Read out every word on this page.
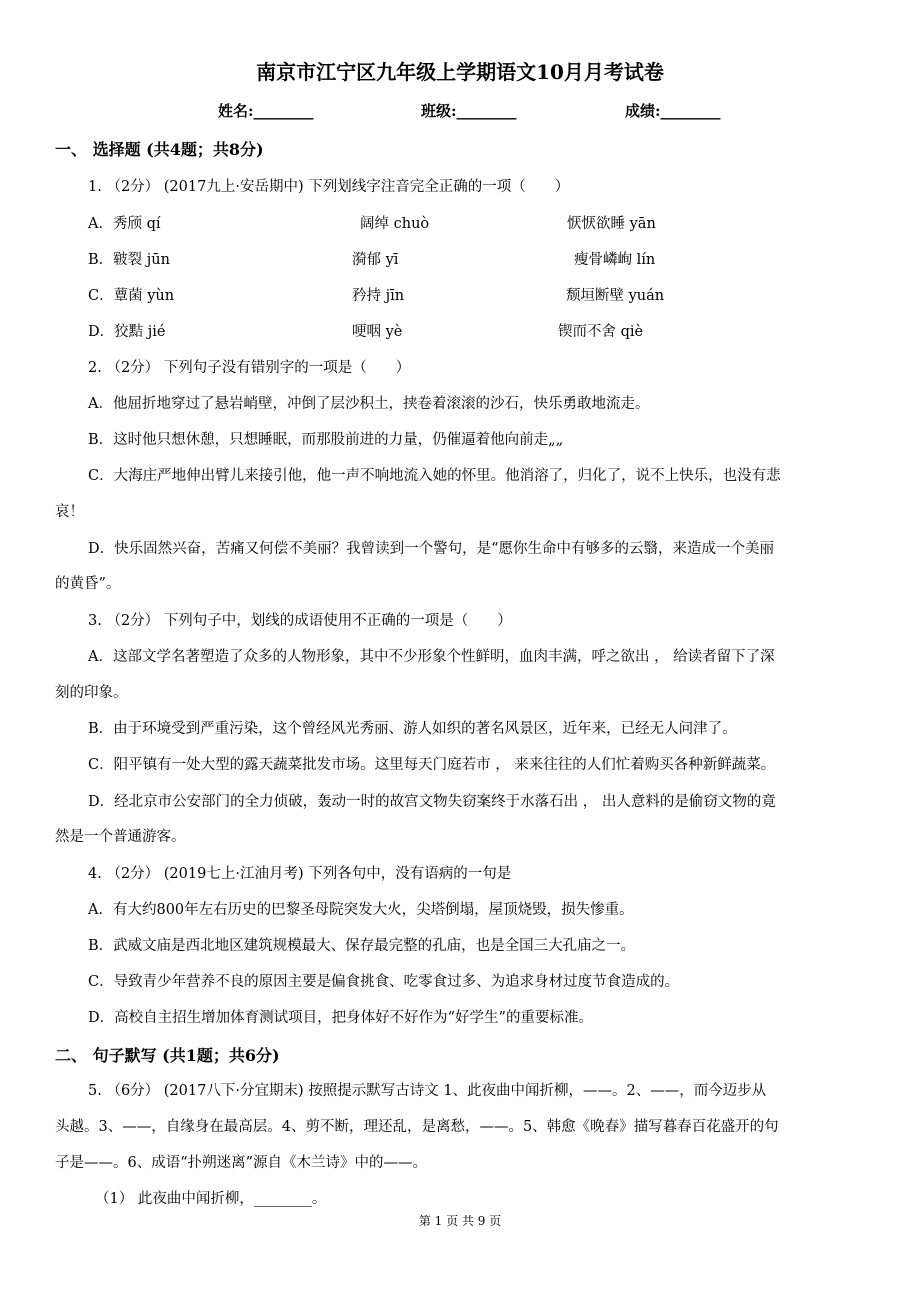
南京市江宁区九年级上学期语文10月月考试卷
姓名:________	班级:________	成绩:________
一、 选择题 (共4题；共8分)
1. （2分） (2017九上·安岳期中) 下列划线字注音完全正确的一项（　　）
A．秀颀 qí	阔绰 chuò	恹恹欲睡 yān
B．皲裂 jūn	漪郁 yī	瘦骨嶙峋 lín
C．蕈菌 yùn	矜持 jīn	颓垣断壁 yuán
D．狡黠 jié	哽咽 yè	锲而不舍 qiè
2. （2分） 下列句子没有错别字的一项是（　　）
A．他屈折地穿过了悬岩峭壁，冲倒了层沙积土，挟卷着滚滚的沙石，快乐勇敢地流走。
B．这时他只想休憩，只想睡眠，而那股前进的力量，仍催逼着他向前走„„
C．大海庄严地伸出臂儿来接引他，他一声不响地流入她的怀里。他消溶了，归化了，说不上快乐，也没有悲
哀！
D．快乐固然兴奋，苦痛又何偿不美丽？我曾读到一个警句，是“愿你生命中有够多的云翳，来造成一个美丽
的黄昏”。
3. （2分） 下列句子中，划线的成语使用不正确的一项是（　　）
A．这部文学名著塑造了众多的人物形象，其中不少形象个性鲜明，血肉丰满，呼之欲出 ， 给读者留下了深
刻的印象。
B．由于环境受到严重污染，这个曾经风光秀丽、游人如织的著名风景区，近年来，已经无人问津了。
C．阳平镇有一处大型的露天蔬菜批发市场。这里每天门庭若市 ， 来来往往的人们忙着购买各种新鲜蔬菜。
D．经北京市公安部门的全力侦破，轰动一时的故宫文物失窃案终于水落石出 ， 出人意料的是偷窃文物的竟
然是一个普通游客。
4. （2分） (2019七上·江油月考) 下列各句中，没有语病的一句是
A．有大约800年左右历史的巴黎圣母院突发大火，尖塔倒塌，屋顶烧毁，损失惨重。
B．武威文庙是西北地区建筑规模最大、保存最完整的孔庙，也是全国三大孔庙之一。
C．导致青少年营养不良的原因主要是偏食挑食、吃零食过多、为追求身材过度节食造成的。
D．高校自主招生增加体育测试项目，把身体好不好作为“好学生”的重要标准。
二、 句子默写 (共1题；共6分)
5. （6分） (2017八下·分宜期末) 按照提示默写古诗文 1、此夜曲中闻折柳，——。2、——，而今迈步从
头越。3、——，自缘身在最高层。4、剪不断，理还乱，是离愁，——。5、韩愈《晚春》描写暮春百花盛开的句
子是——。6、成语“扑朔迷离”源自《木兰诗》中的——。
（1） 此夜曲中闻折柳，________。
第 1 页 共 9 页
